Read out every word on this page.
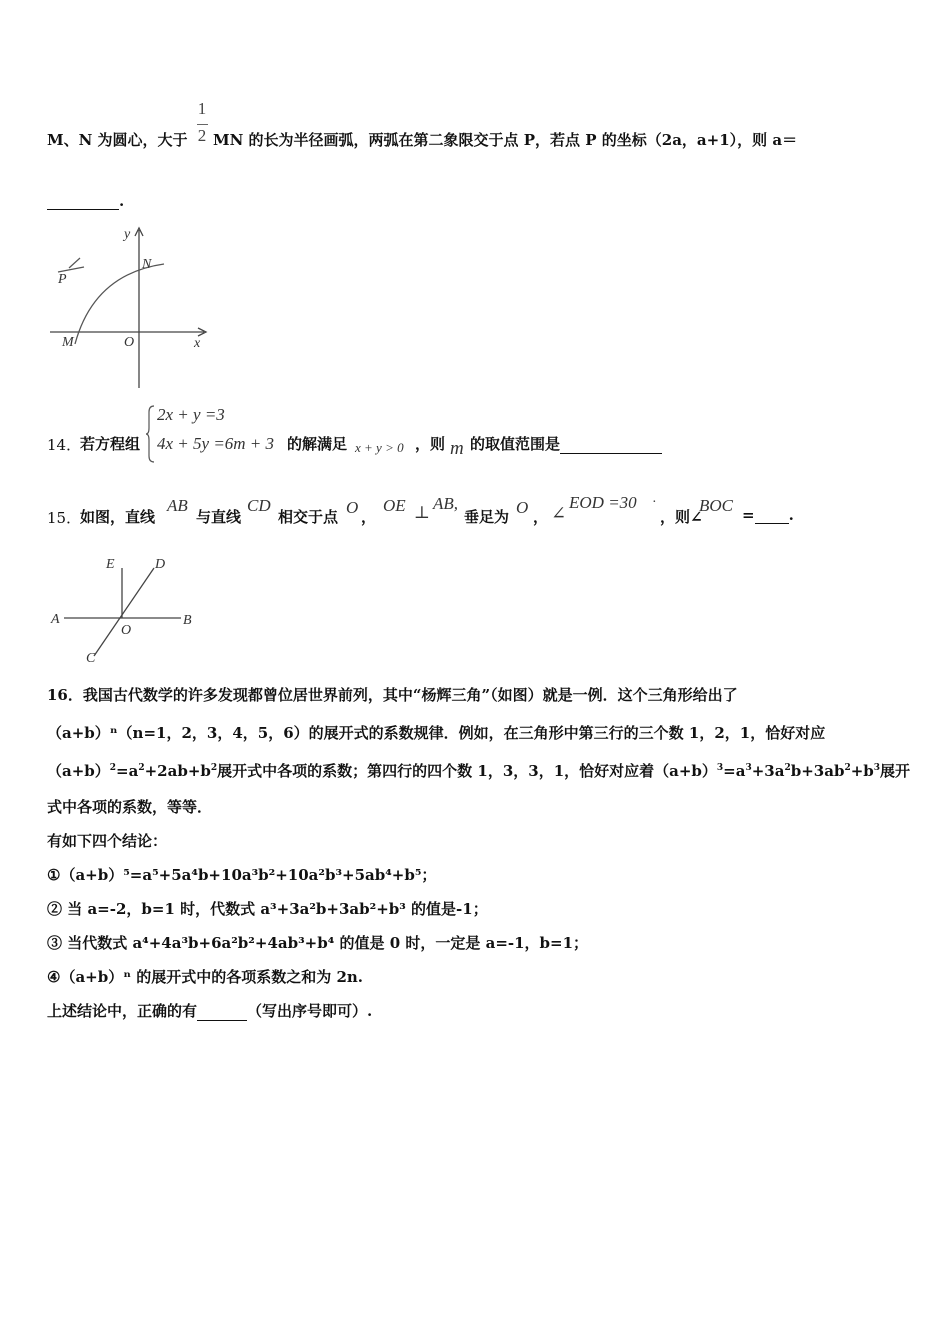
M、N 为圆心，大于
1
2 MN 的长为半径画弧，两弧在第二象限交于点 P，若点 P 的坐标（2a，a+1），则 a＝
.
y
N
P
M	O	x
14．
若方程组
2x + y =3
4x + 5y =6m + 3 的解满足 x + y > 0 ，则 m 的取值范围是
15．
如图，直线
AB
与直线
CD
相交于点 O ，
OE ⊥ AB,
垂足为 O ， ∠
EOD =30 ·
，则∠
BOC = .
E	D
A
O
B
C
16．我国古代数学的许多发现都曾位居世界前列，其中“杨辉三角”（如图）就是一例．这个三角形给出了
（a+b）ⁿ（n=1，2，3，4，5，6）的展开式的系数规律．例如，在三角形中第三行的三个数 1，2，1，恰好对应
$(a+b)^2=a^2+2ab+b^2$展开式中各项的系数；第四行的四个数 1，3，3，1，恰好对应着$(a+b)^3=a^3+3a^2b+3ab^2+b^3$展开
式中各项的系数，等等．
有如下四个结论：
①（a+b）⁵=a⁵+5a⁴b+10a³b²+10a²b³+5ab⁴+b⁵；
② 当 a=-2，b=1 时，代数式 a³+3a²b+3ab²+b³ 的值是-1；
③ 当代数式 a⁴+4a³b+6a²b²+4ab³+b⁴ 的值是 0 时，一定是 a=-1，b=1；
④（a+b）ⁿ 的展开式中的各项系数之和为 2n.
上述结论中，正确的有	（写出序号即可）.
